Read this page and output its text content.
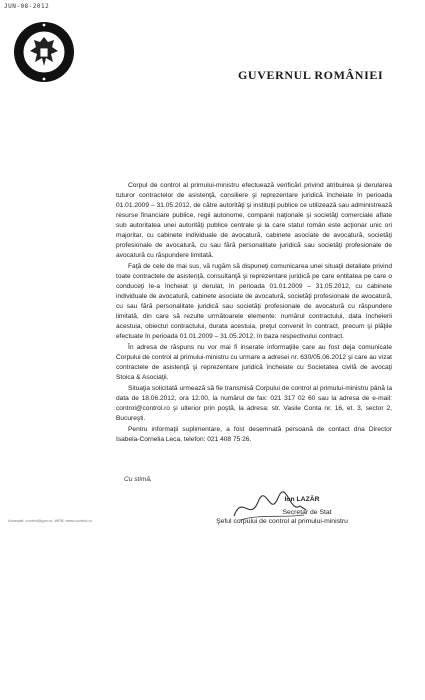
JUN-08-2012
GUVERNUL ROMÂNIEI

Corpul de control al primului-ministru efectuează verificări privind atribuirea şi derularea tuturor contractelor de asistenţă, consiliere şi reprezentare juridică încheiate în perioada 01.01.2009 – 31.05.2012, de către autorităţi şi instituţii publice ce utilizează sau administrează resurse financiare publice, regii autonome, companii naţionale şi societăţi comerciale aflate sub autoritatea unei autorităţi publice centrale şi la care statul român este acţionar unic ori majoritar, cu cabinete individuale de avocatură, cabinete asociate de avocatură, societăţi profesionale de avocatură, cu sau fără personalitate juridică sau societăţi profesionale de avocatură cu răspundere limitată.

Faţă de cele de mai sus, vă rugăm să dispuneţi comunicarea unei situaţii detaliate privind toate contractele de asistenţă, consultanţă şi reprezentare juridică pe care entitatea pe care o conduceţi le-a încheiat şi derulat, în perioada 01.01.2009 – 31.05.2012, cu cabinete individuale de avocatură, cabinete asociate de avocatură, societăţi profesionale de avocatură, cu sau fără personalitate juridică sau societăţi profesionale de avocatură cu răspundere limitată, din care să rezulte următoarele elemente: numărul contractului, data încheierii acestuia, obiectul contractului, durata acestuia, preţul convenit în contract, precum şi plăţile efectuate în perioada 01.01.2009 – 31.05.2012, în baza respectivului contract.

În adresa de răspuns nu vor mai fi inserate informaţiile care au fost deja comunicate Corpului de control al primului-ministru cu urmare a adresei nr. 630/05.06.2012 şi care au vizat contractele de asistenţă şi reprezentare juridică încheiate cu Societatea civilă de avocaţi Stoica & Asociaţii.

Situaţia solicitată urmează să fie transmisă Corpului de control al primului-ministru până la data de 18.06.2012, ora 12.00, la numărul de fax: 021 317 02 60 sau la adresa de e-mail: control@control.ro şi ulterior prin poştă, la adresa: str. Vasile Conta nr. 16, et. 3, sector 2, Bucureşti.

Pentru informaţii suplimentare, a fost desemnată persoană de contact dna Director Isabela-Cornelia Leca, telefon: 021 408 75 26.

Cu stimă,
Accesati: control@gov.ro, WEB: www.control.ro
Ion LAZĂR
Secretar de Stat
Şeful corpului de control al primului-ministru
